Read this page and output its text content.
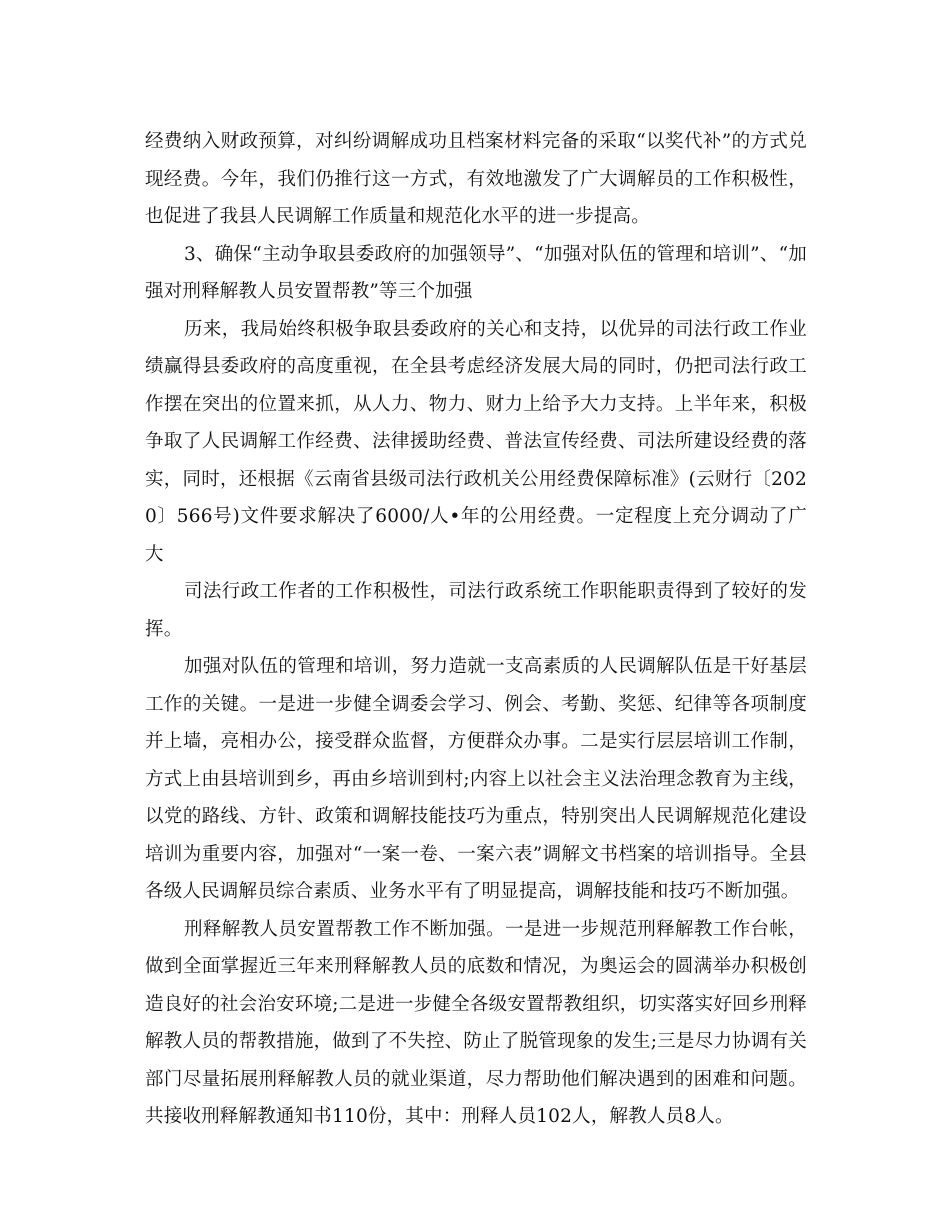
经费纳入财政预算，对纠纷调解成功且档案材料完备的采取“以奖代补”的方式兑现经费。今年，我们仍推行这一方式，有效地激发了广大调解员的工作积极性，也促进了我县人民调解工作质量和规范化水平的进一步提高。

3、确保“主动争取县委政府的加强领导”、“加强对队伍的管理和培训”、“加强对刑释解教人员安置帮教”等三个加强

历来，我局始终积极争取县委政府的关心和支持，以优异的司法行政工作业绩赢得县委政府的高度重视，在全县考虑经济发展大局的同时，仍把司法行政工作摆在突出的位置来抓，从人力、物力、财力上给予大力支持。上半年来，积极争取了人民调解工作经费、法律援助经费、普法宣传经费、司法所建设经费的落实，同时，还根据《云南省县级司法行政机关公用经费保障标准》(云财行〔2020〕566号)文件要求解决了6000/人•年的公用经费。一定程度上充分调动了广大

司法行政工作者的工作积极性，司法行政系统工作职能职责得到了较好的发挥。

加强对队伍的管理和培训，努力造就一支高素质的人民调解队伍是干好基层工作的关键。一是进一步健全调委会学习、例会、考勤、奖惩、纪律等各项制度并上墙，亮相办公，接受群众监督，方便群众办事。二是实行层层培训工作制，方式上由县培训到乡，再由乡培训到村;内容上以社会主义法治理念教育为主线，以党的路线、方针、政策和调解技能技巧为重点，特别突出人民调解规范化建设培训为重要内容，加强对“一案一卷、一案六表”调解文书档案的培训指导。全县各级人民调解员综合素质、业务水平有了明显提高，调解技能和技巧不断加强。

刑释解教人员安置帮教工作不断加强。一是进一步规范刑释解教工作台帐，做到全面掌握近三年来刑释解教人员的底数和情况，为奥运会的圆满举办积极创造良好的社会治安环境;二是进一步健全各级安置帮教组织，切实落实好回乡刑释解教人员的帮教措施，做到了不失控、防止了脱管现象的发生;三是尽力协调有关部门尽量拓展刑释解教人员的就业渠道，尽力帮助他们解决遇到的困难和问题。共接收刑释解教通知书110份，其中：刑释人员102人，解教人员8人。
